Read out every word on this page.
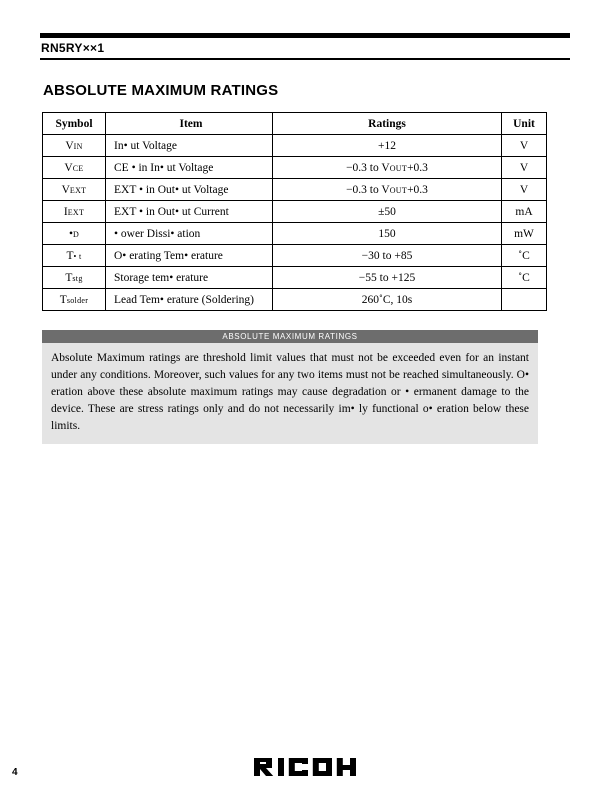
RN5RY××1
ABSOLUTE MAXIMUM RATINGS
Symbol	Item	Ratings	Unit
VIN	In• ut Voltage	+12	V
VCE	CE • in In• ut Voltage	−0.3 to VOUT+0.3	V
VEXT	EXT • in Out• ut Voltage	−0.3 to VOUT+0.3	V
IEXT	EXT • in Out• ut Current	±50	mA
•D	• ower Dissi• ation	150	mW
T• t	O• erating Tem• erature	−30 to +85	˚C
Tstg	Storage tem• erature	−55 to +125	˚C
Tsolder	Lead Tem• erature (Soldering)	260˚C, 10s	
ABSOLUTE MAXIMUM RATINGS
Absolute Maximum ratings are threshold limit values that must not be exceeded even for an instant under any conditions. Moreover, such values for any two items must not be reached simultaneously. O• eration above these absolute maximum ratings may cause degradation or • ermanent damage to the device. These are stress ratings only and do not necessarily im• ly functional o• eration below these limits.
4
